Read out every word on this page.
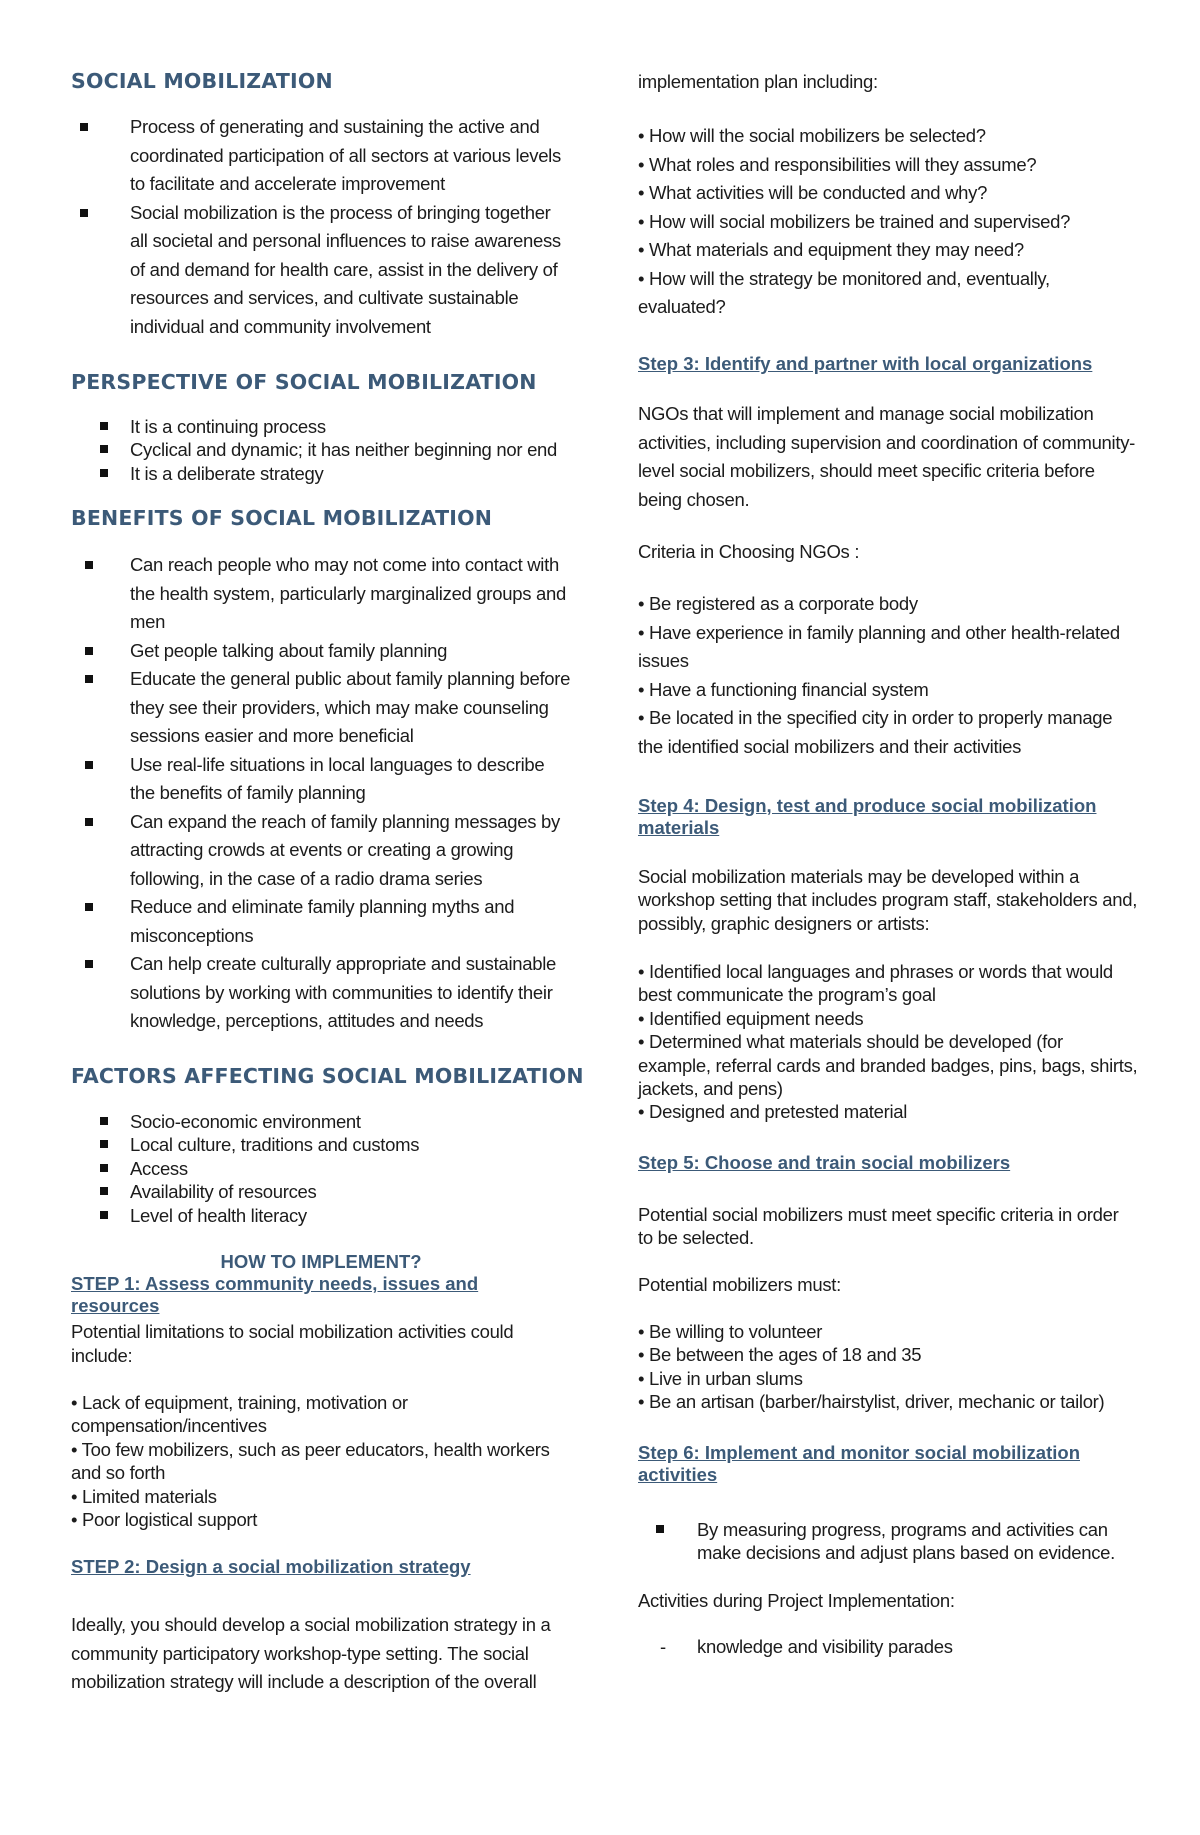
SOCIAL MOBILIZATION
Process of generating and sustaining the active and coordinated participation of all sectors at various levels to facilitate and accelerate improvement
Social mobilization is the process of bringing together all societal and personal influences to raise awareness of and demand for health care, assist in the delivery of resources and services, and cultivate sustainable individual and community involvement
PERSPECTIVE OF SOCIAL MOBILIZATION
It is a continuing process
Cyclical and dynamic; it has neither beginning nor end
It is a deliberate strategy
BENEFITS OF SOCIAL MOBILIZATION
Can reach people who may not come into contact with the health system, particularly marginalized groups and men
Get people talking about family planning
Educate the general public about family planning before they see their providers, which may make counseling sessions easier and more beneficial
Use real-life situations in local languages to describe the benefits of family planning
Can expand the reach of family planning messages by attracting crowds at events or creating a growing following, in the case of a radio drama series
Reduce and eliminate family planning myths and misconceptions
Can help create culturally appropriate and sustainable solutions by working with communities to identify their knowledge, perceptions, attitudes and needs
FACTORS AFFECTING SOCIAL MOBILIZATION
Socio-economic environment
Local culture, traditions and customs
Access
Availability of resources
Level of health literacy
HOW TO IMPLEMENT?
STEP 1: Assess community needs, issues and resources

Potential limitations to social mobilization activities could include:

• Lack of equipment, training, motivation or compensation/incentives
• Too few mobilizers, such as peer educators, health workers and so forth
• Limited materials
• Poor logistical support
STEP 2: Design a social mobilization strategy

Ideally, you should develop a social mobilization strategy in a community participatory workshop-type setting. The social mobilization strategy will include a description of the overall

implementation plan including:

• How will the social mobilizers be selected?
• What roles and responsibilities will they assume?
• What activities will be conducted and why?
• How will social mobilizers be trained and supervised?
• What materials and equipment they may need?
• How will the strategy be monitored and, eventually, evaluated?
Step 3: Identify and partner with local organizations

NGOs that will implement and manage social mobilization activities, including supervision and coordination of community-level social mobilizers, should meet specific criteria before being chosen.

Criteria in Choosing NGOs :

• Be registered as a corporate body
• Have experience in family planning and other health-related issues
• Have a functioning financial system
• Be located in the specified city in order to properly manage the identified social mobilizers and their activities
Step 4: Design, test and produce social mobilization materials

Social mobilization materials may be developed within a workshop setting that includes program staff, stakeholders and, possibly, graphic designers or artists:

• Identified local languages and phrases or words that would best communicate the program’s goal
• Identified equipment needs
• Determined what materials should be developed (for example, referral cards and branded badges, pins, bags, shirts, jackets, and pens)
• Designed and pretested material
Step 5: Choose and train social mobilizers

Potential social mobilizers must meet specific criteria in order to be selected.

Potential mobilizers must:

• Be willing to volunteer
• Be between the ages of 18 and 35
• Live in urban slums
• Be an artisan (barber/hairstylist, driver, mechanic or tailor)
Step 6: Implement and monitor social mobilization activities
By measuring progress, programs and activities can make decisions and adjust plans based on evidence.

Activities during Project Implementation:

- knowledge and visibility parades
